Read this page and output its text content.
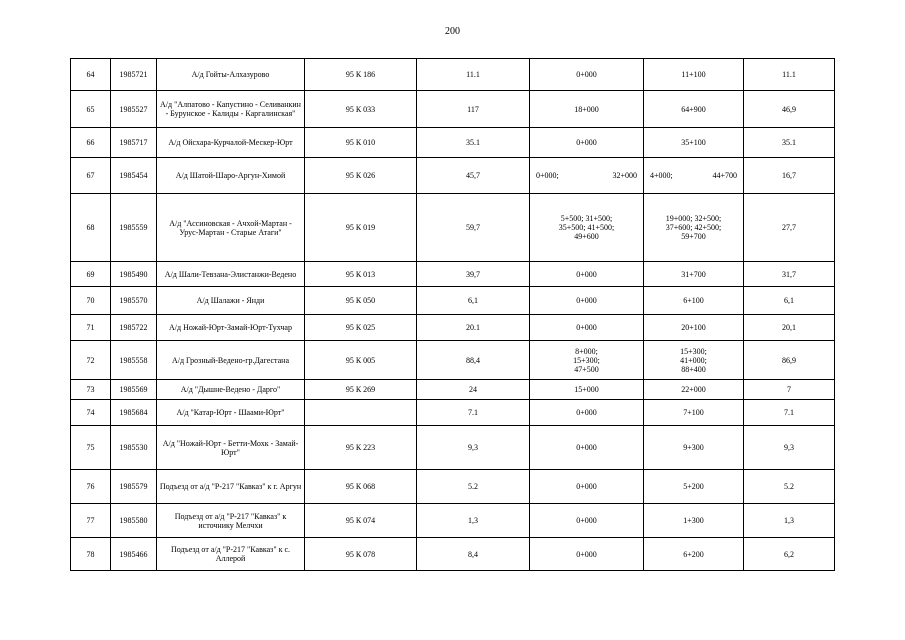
200
64	1985721	А/д Гойты-Алхазурово	95 К 186	11.1	0+000	11+100	11.1
65	1985527	А/д "Алпатово - Капустино - Селиванкин - Бурунское - Калиды - Каргалинская"	95 К 033	117	18+000	64+900	46,9
66	1985717	А/д Ойсхара-Курчалой-Мескер-Юрт	95 К 010	35.1	0+000	35+100	35.1
67	1985454	А/д Шатой-Шаро-Аргун-Химой	95 К 026	45,7	0+000; 32+000	4+000; 44+700	16,7
68	1985559	А/д "Ассиновская - Ачхой-Мартан - Урус-Мартан - Старые Атаги"	95 К 019	59,7	5+500; 31+500;
35+500; 41+500;
49+600	19+000; 32+500;
37+600; 42+500;
59+700	27,7
69	1985490	А/д Шали-Тевзана-Элистанжи-Ведено	95 К 013	39,7	0+000	31+700	31,7
70	1985570	А/д Шалажи - Янди	95 К 050	6,1	0+000	6+100	6,1
71	1985722	А/д Ножай-Юрт-Замай-Юрт-Тухчар	95 К 025	20.1	0+000	20+100	20,1
72	1985558	А/д Грозный-Ведено-гр.Дагестана	95 К 005	88,4	8+000;
15+300;
47+500	15+300;
41+000;
88+400	86,9
73	1985569	А/д "Дышне-Ведено - Дарго"	95 К 269	24	15+000	22+000	7
74	1985684	А/д "Катар-Юрт - Шаами-Юрт"		7.1	0+000	7+100	7.1
75	1985530	А/д "Ножай-Юрт - Бетти-Мохк - Замай-Юрт"	95 К 223	9,3	0+000	9+300	9,3
76	1985579	Подъезд от а/д "Р-217 "Кавказ" к г. Аргун	95 К 068	5.2	0+000	5+200	5.2
77	1985580	Подъезд от а/д "Р-217 "Кавказ" к источнику Мелчхи	95 К 074	1,3	0+000	1+300	1,3
78	1985466	Подъезд от а/д "Р-217 "Кавказ" к с. Аллерой	95 К 078	8,4	0+000	6+200	6,2
